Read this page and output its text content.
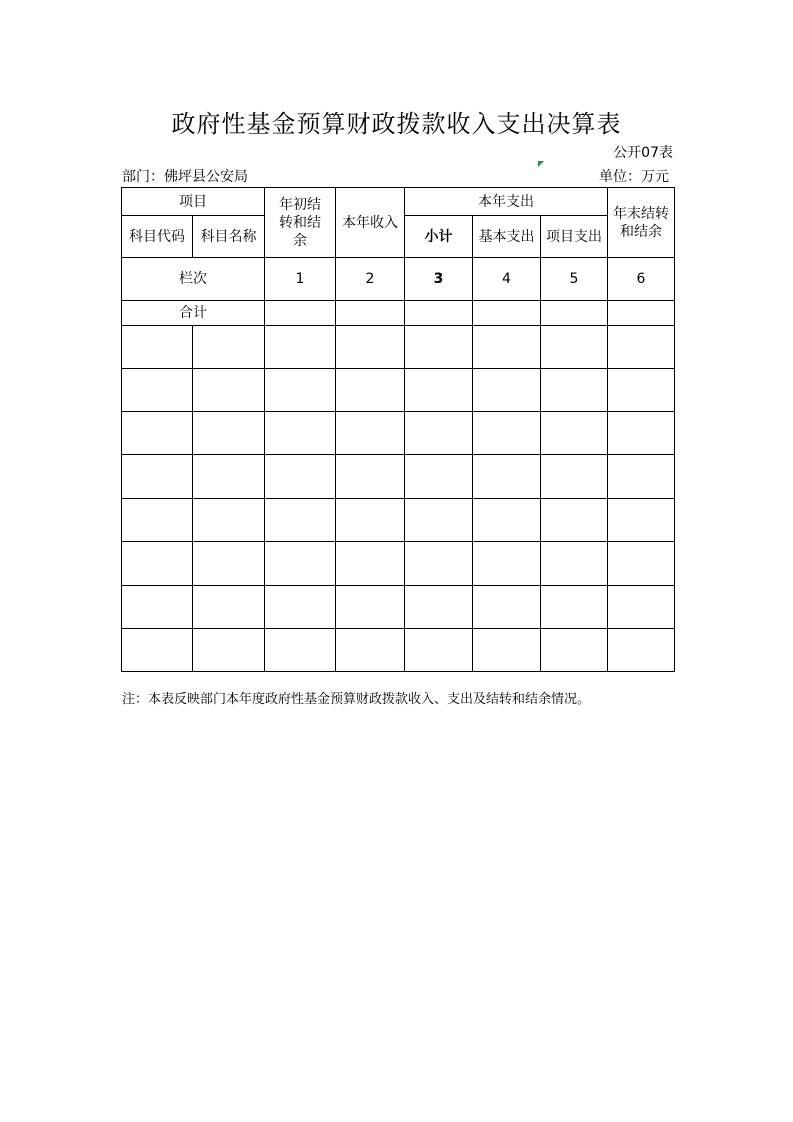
政府性基金预算财政拨款收入支出决算表
公开07表
部门：佛坪县公安局	单位：万元
项目		年初结转和结余	本年收入	本年支出			年末结转和结余

科目代码	科目名称			小计	基本支出	项目支出	
栏次		1	2	3	4	5	6
合计							

注：本表反映部门本年度政府性基金预算财政拨款收入、支出及结转和结余情况。
